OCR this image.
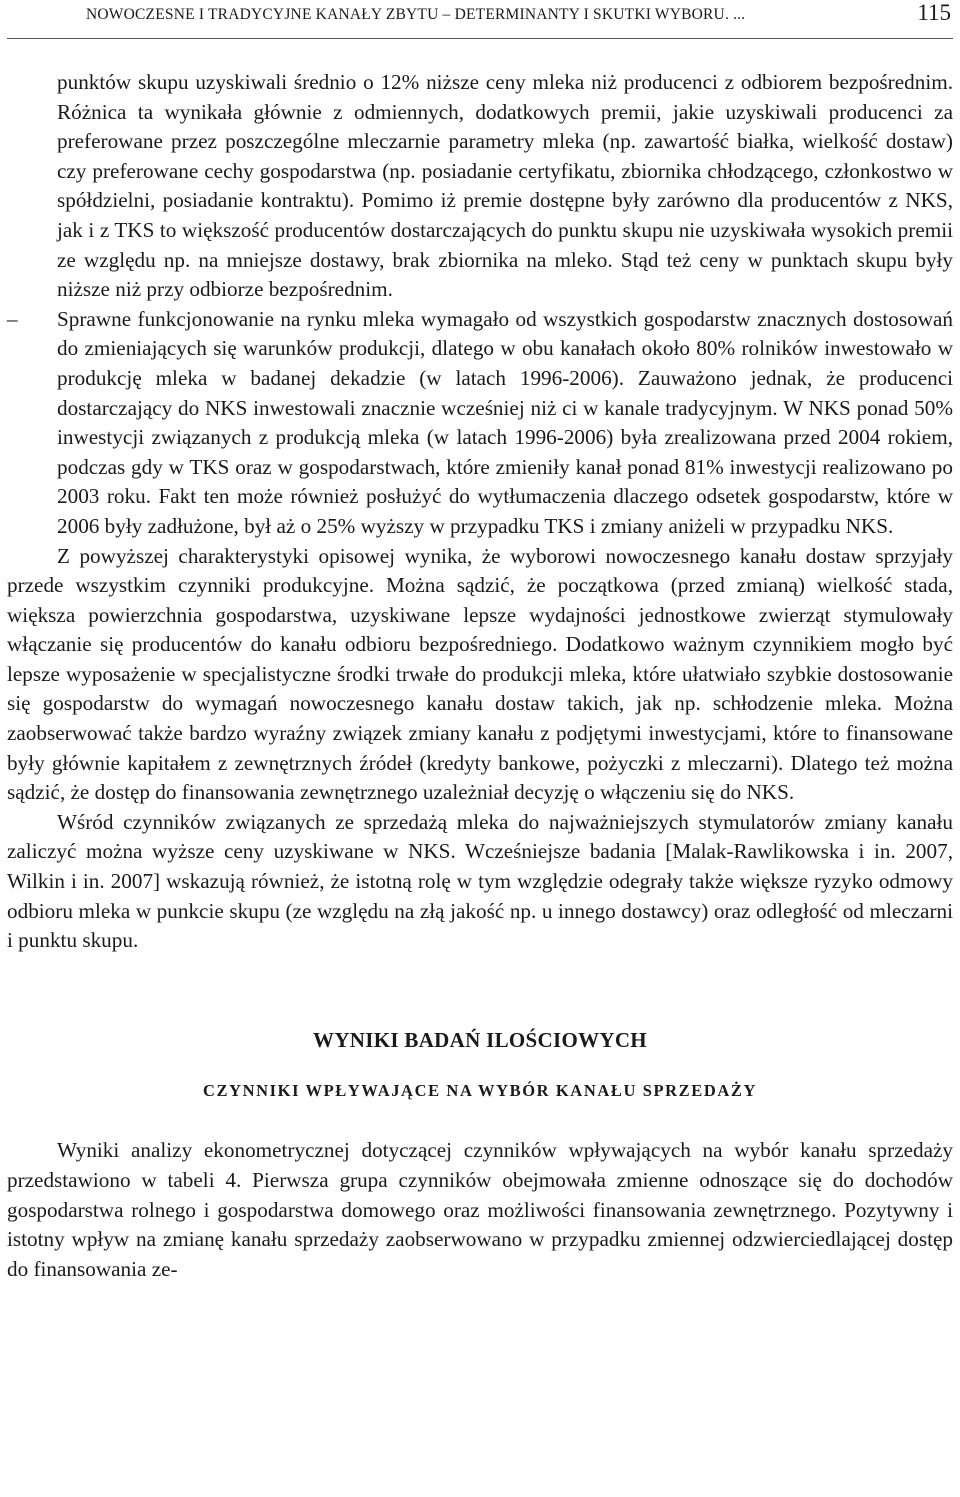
NOWOCZESNE I TRADYCYJNE KANAŁY ZBYTU – DETERMINANTY I SKUTKI WYBORU. ...	115

punktów skupu uzyskiwali średnio o 12% niższe ceny mleka niż producenci z odbiorem bezpośrednim. Różnica ta wynikała głównie z odmiennych, dodatkowych premii, jakie uzyskiwali producenci za preferowane przez poszczególne mleczarnie parametry mleka (np. zawartość białka, wielkość dostaw) czy preferowane cechy gospodarstwa (np. posiadanie certyfikatu, zbiornika chłodzącego, członkostwo w spółdzielni, posiadanie kontraktu). Pomimo iż premie dostępne były zarówno dla producentów z NKS, jak i z TKS to większość producentów dostarczających do punktu skupu nie uzyskiwała wysokich premii ze względu np. na mniejsze dostawy, brak zbiornika na mleko. Stąd też ceny w punktach skupu były niższe niż przy odbiorze bezpośrednim.

– Sprawne funkcjonowanie na rynku mleka wymagało od wszystkich gospodarstw znacznych dostosowań do zmieniających się warunków produkcji, dlatego w obu kanałach około 80% rolników inwestowało w produkcję mleka w badanej dekadzie (w latach 1996-2006). Zauważono jednak, że producenci dostarczający do NKS inwestowali znacznie wcześniej niż ci w kanale tradycyjnym. W NKS ponad 50% inwestycji związanych z produkcją mleka (w latach 1996-2006) była zrealizowana przed 2004 rokiem, podczas gdy w TKS oraz w gospodarstwach, które zmieniły kanał ponad 81% inwestycji realizowano po 2003 roku. Fakt ten może również posłużyć do wytłumaczenia dlaczego odsetek gospodarstw, które w 2006 były zadłużone, był aż o 25% wyższy w przypadku TKS i zmiany aniżeli w przypadku NKS.

Z powyższej charakterystyki opisowej wynika, że wyborowi nowoczesnego kanału dostaw sprzyjały przede wszystkim czynniki produkcyjne. Można sądzić, że początkowa (przed zmianą) wielkość stada, większa powierzchnia gospodarstwa, uzyskiwane lepsze wydajności jednostkowe zwierząt stymulowały włączanie się producentów do kanału odbioru bezpośredniego. Dodatkowo ważnym czynnikiem mogło być lepsze wyposażenie w specjalistyczne środki trwałe do produkcji mleka, które ułatwiało szybkie dostosowanie się gospodarstw do wymagań nowoczesnego kanału dostaw takich, jak np. schłodzenie mleka. Można zaobserwować także bardzo wyraźny związek zmiany kanału z podjętymi inwestycjami, które to finansowane były głównie kapitałem z zewnętrznych źródeł (kredyty bankowe, pożyczki z mleczarni). Dlatego też można sądzić, że dostęp do finansowania zewnętrznego uzależniał decyzję o włączeniu się do NKS.

Wśród czynników związanych ze sprzedażą mleka do najważniejszych stymulatorów zmiany kanału zaliczyć można wyższe ceny uzyskiwane w NKS. Wcześniejsze badania [Malak-Rawlikowska i in. 2007, Wilkin i in. 2007] wskazują również, że istotną rolę w tym względzie odegrały także większe ryzyko odmowy odbioru mleka w punkcie skupu (ze względu na złą jakość np. u innego dostawcy) oraz odległość od mleczarni i punktu skupu.

WYNIKI BADAŃ ILOŚCIOWYCH
CZYNNIKI WPŁYWAJĄCE NA WYBÓR KANAŁU SPRZEDAŻY

Wyniki analizy ekonometrycznej dotyczącej czynników wpływających na wybór kanału sprzedaży przedstawiono w tabeli 4. Pierwsza grupa czynników obejmowała zmienne odnoszące się do dochodów gospodarstwa rolnego i gospodarstwa domowego oraz możliwości finansowania zewnętrznego. Pozytywny i istotny wpływ na zmianę kanału sprzedaży zaobserwowano w przypadku zmiennej odzwierciedlającej dostęp do finansowania ze-
